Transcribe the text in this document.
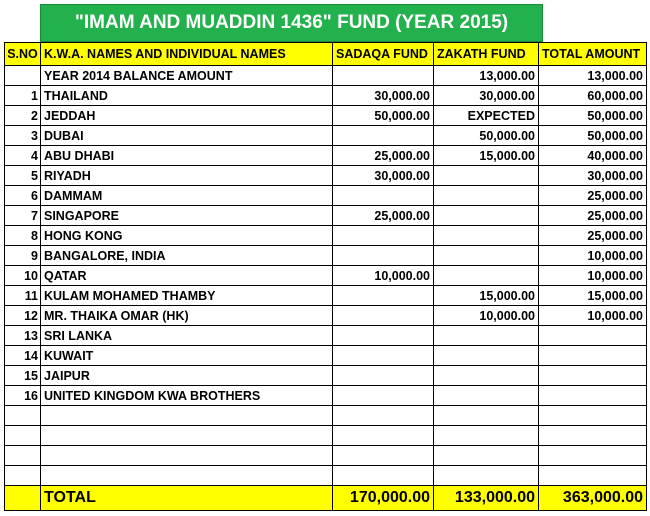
"IMAM AND MUADDIN 1436" FUND (YEAR 2015)
S.NO	K.W.A. NAMES AND INDIVIDUAL NAMES	SADAQA FUND	ZAKATH FUND	TOTAL AMOUNT
	YEAR 2014 BALANCE AMOUNT		13,000.00	13,000.00
1	THAILAND	30,000.00	30,000.00	60,000.00
2	JEDDAH	50,000.00	EXPECTED	50,000.00
3	DUBAI		50,000.00	50,000.00
4	ABU DHABI	25,000.00	15,000.00	40,000.00
5	RIYADH	30,000.00		30,000.00
6	DAMMAM			25,000.00
7	SINGAPORE	25,000.00		25,000.00
8	HONG KONG			25,000.00
9	BANGALORE, INDIA			10,000.00
10	QATAR	10,000.00		10,000.00
11	KULAM MOHAMED THAMBY		15,000.00	15,000.00
12	MR. THAIKA OMAR (HK)		10,000.00	10,000.00
13	SRI LANKA			
14	KUWAIT			
15	JAIPUR			
16	UNITED KINGDOM KWA BROTHERS			

	TOTAL	170,000.00	133,000.00	363,000.00
